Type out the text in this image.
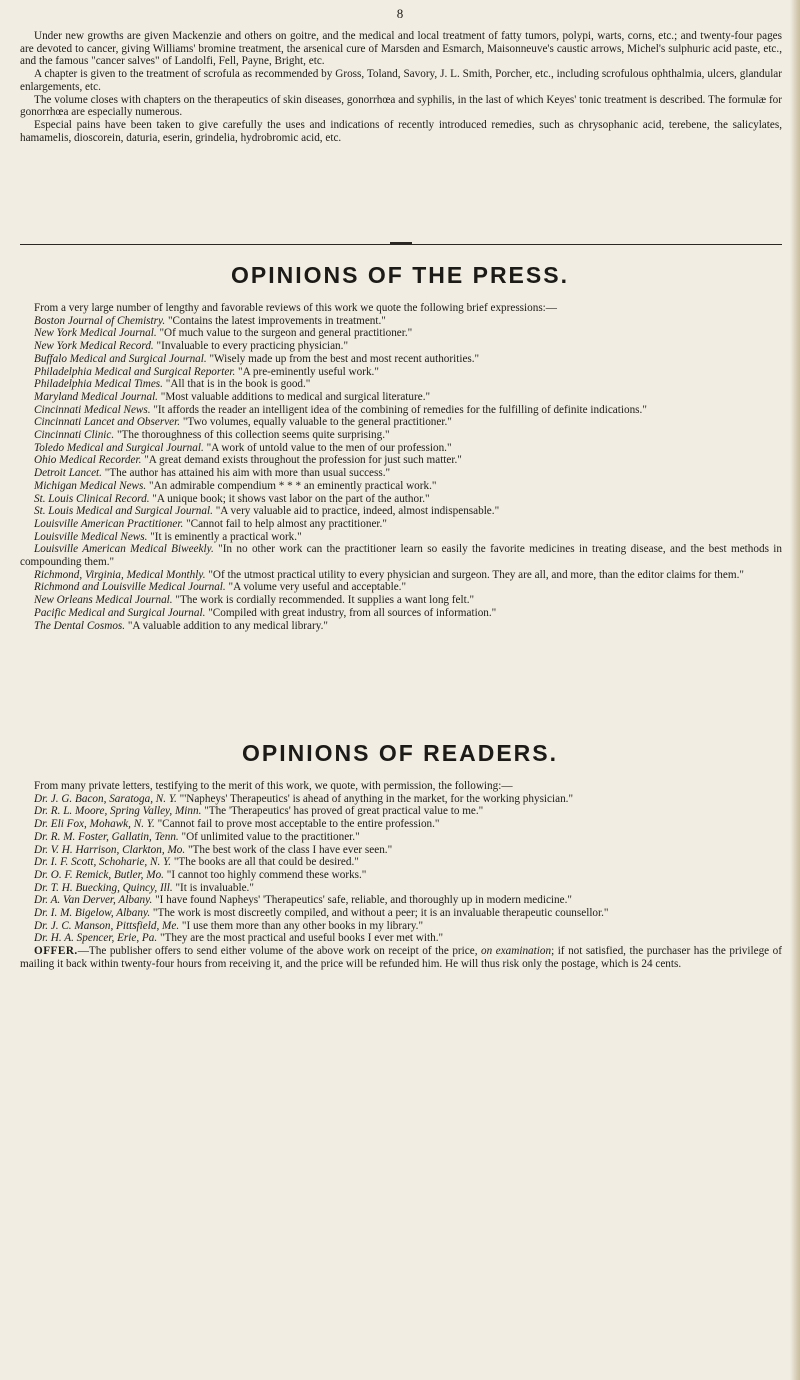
8

Under new growths are given Mackenzie and others on goitre, and the medical and local treatment of fatty tumors, polypi, warts, corns, etc.; and twenty-four pages are devoted to cancer, giving Williams' bromine treatment, the arsenical cure of Marsden and Esmarch, Maisonneuve's caustic arrows, Michel's sulphuric acid paste, etc., and the famous "cancer salves" of Landolfi, Fell, Payne, Bright, etc.

A chapter is given to the treatment of scrofula as recommended by Gross, Toland, Savory, J. L. Smith, Porcher, etc., including scrofulous ophthalmia, ulcers, glandular enlargements, etc.

The volume closes with chapters on the therapeutics of skin diseases, gonorrhœa and syphilis, in the last of which Keyes' tonic treatment is described. The formulæ for gonorrhœa are especially numerous.

Especial pains have been taken to give carefully the uses and indications of recently introduced remedies, such as chrysophanic acid, terebene, the salicylates, hamamelis, dioscorein, daturia, eserin, grindelia, hydrobromic acid, etc.

OPINIONS OF THE PRESS.

From a very large number of lengthy and favorable reviews of this work we quote the following brief expressions:—

Boston Journal of Chemistry. "Contains the latest improvements in treatment."

New York Medical Journal. "Of much value to the surgeon and general practitioner."

New York Medical Record. "Invaluable to every practicing physician."

Buffalo Medical and Surgical Journal. "Wisely made up from the best and most recent authorities."

Philadelphia Medical and Surgical Reporter. "A pre-eminently useful work."

Philadelphia Medical Times. "All that is in the book is good."

Maryland Medical Journal. "Most valuable additions to medical and surgical literature."

Cincinnati Medical News. "It affords the reader an intelligent idea of the combining of remedies for the fulfilling of definite indications."

Cincinnati Lancet and Observer. "Two volumes, equally valuable to the general practitioner."

Cincinnati Clinic. "The thoroughness of this collection seems quite surprising."

Toledo Medical and Surgical Journal. "A work of untold value to the men of our profession."

Ohio Medical Recorder. "A great demand exists throughout the profession for just such matter."

Detroit Lancet. "The author has attained his aim with more than usual success."

Michigan Medical News. "An admirable compendium * * * an eminently practical work."

St. Louis Clinical Record. "A unique book; it shows vast labor on the part of the author."

St. Louis Medical and Surgical Journal. "A very valuable aid to practice, indeed, almost indispensable."

Louisville American Practitioner. "Cannot fail to help almost any practitioner."

Louisville Medical News. "It is eminently a practical work."

Louisville American Medical Biweekly. "In no other work can the practitioner learn so easily the favorite medicines in treating disease, and the best methods in compounding them."

Richmond, Virginia, Medical Monthly. "Of the utmost practical utility to every physician and surgeon. They are all, and more, than the editor claims for them."

Richmond and Louisville Medical Journal. "A volume very useful and acceptable."

New Orleans Medical Journal. "The work is cordially recommended. It supplies a want long felt."

Pacific Medical and Surgical Journal. "Compiled with great industry, from all sources of information."

The Dental Cosmos. "A valuable addition to any medical library."

OPINIONS OF READERS.

From many private letters, testifying to the merit of this work, we quote, with permission, the following:—

Dr. J. G. Bacon, Saratoga, N. Y. "'Napheys' Therapeutics' is ahead of anything in the market, for the working physician."

Dr. R. L. Moore, Spring Valley, Minn. "The 'Therapeutics' has proved of great practical value to me."

Dr. Eli Fox, Mohawk, N. Y. "Cannot fail to prove most acceptable to the entire profession."

Dr. R. M. Foster, Gallatin, Tenn. "Of unlimited value to the practitioner."

Dr. V. H. Harrison, Clarkton, Mo. "The best work of the class I have ever seen."

Dr. I. F. Scott, Schoharie, N. Y. "The books are all that could be desired."

Dr. O. F. Remick, Butler, Mo. "I cannot too highly commend these works."

Dr. T. H. Buecking, Quincy, Ill. "It is invaluable."

Dr. A. Van Derver, Albany. "I have found Napheys' 'Therapeutics' safe, reliable, and thoroughly up in modern medicine."

Dr. I. M. Bigelow, Albany. "The work is most discreetly compiled, and without a peer; it is an invaluable therapeutic counsellor."

Dr. J. C. Manson, Pittsfield, Me. "I use them more than any other books in my library."

Dr. H. A. Spencer, Erie, Pa. "They are the most practical and useful books I ever met with."

OFFER.—The publisher offers to send either volume of the above work on receipt of the price, on examination; if not satisfied, the purchaser has the privilege of mailing it back within twenty-four hours from receiving it, and the price will be refunded him. He will thus risk only the postage, which is 24 cents.
